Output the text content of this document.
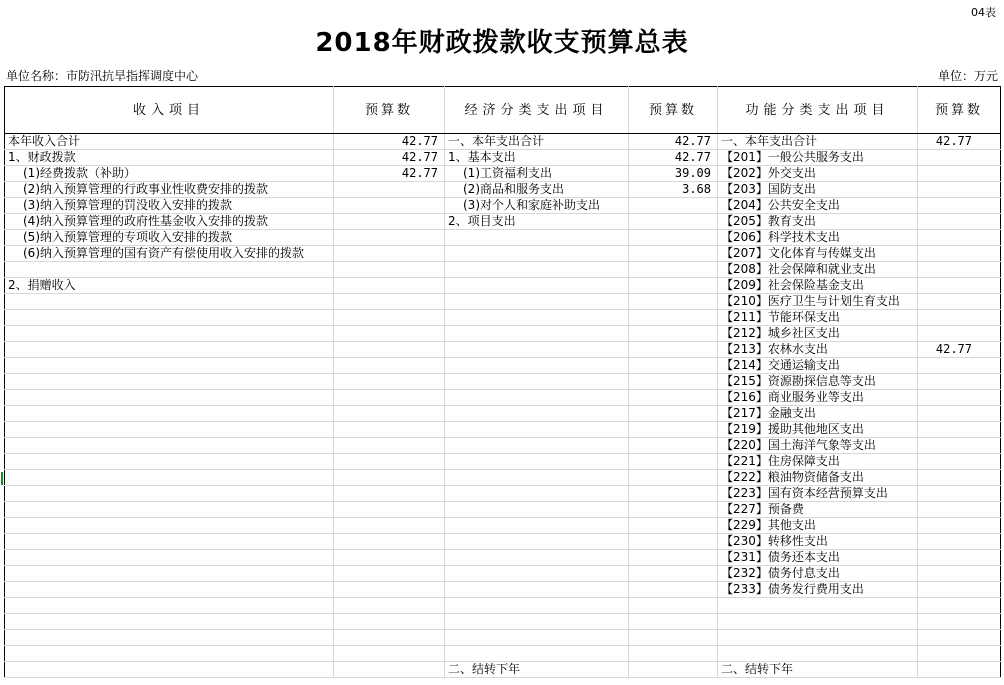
04表
2018年财政拨款收支预算总表
单位名称：市防汛抗旱指挥调度中心	单位：万元
收入项目	预算数	经济分类支出项目	预算数	功能分类支出项目	预算数
本年收入合计	42.77	一、本年支出合计	42.77	一、本年支出合计	42.77
1、财政拨款	42.77	1、基本支出	42.77	【201】一般公共服务支出	
(1)经费拨款（补助）	42.77	(1)工资福利支出	39.09	【202】外交支出	
(2)纳入预算管理的行政事业性收费安排的拨款		(2)商品和服务支出	3.68	【203】国防支出	
(3)纳入预算管理的罚没收入安排的拨款		(3)对个人和家庭补助支出		【204】公共安全支出	
(4)纳入预算管理的政府性基金收入安排的拨款		2、项目支出		【205】教育支出	
(5)纳入预算管理的专项收入安排的拨款				【206】科学技术支出	
(6)纳入预算管理的国有资产有偿使用收入安排的拨款				【207】文化体育与传媒支出	
				【208】社会保障和就业支出	
2、捐赠收入				【209】社会保险基金支出	
				【210】医疗卫生与计划生育支出	
				【211】节能环保支出	
				【212】城乡社区支出	
				【213】农林水支出	42.77
				【214】交通运输支出	
				【215】资源勘探信息等支出	
				【216】商业服务业等支出	
				【217】金融支出	
				【219】援助其他地区支出	
				【220】国土海洋气象等支出	
				【221】住房保障支出	
				【222】粮油物资储备支出	
				【223】国有资本经营预算支出	
				【227】预备费	
				【229】其他支出	
				【230】转移性支出	
				【231】债务还本支出	
				【232】债务付息支出	
				【233】债务发行费用支出	

		二、结转下年		二、结转下年	
